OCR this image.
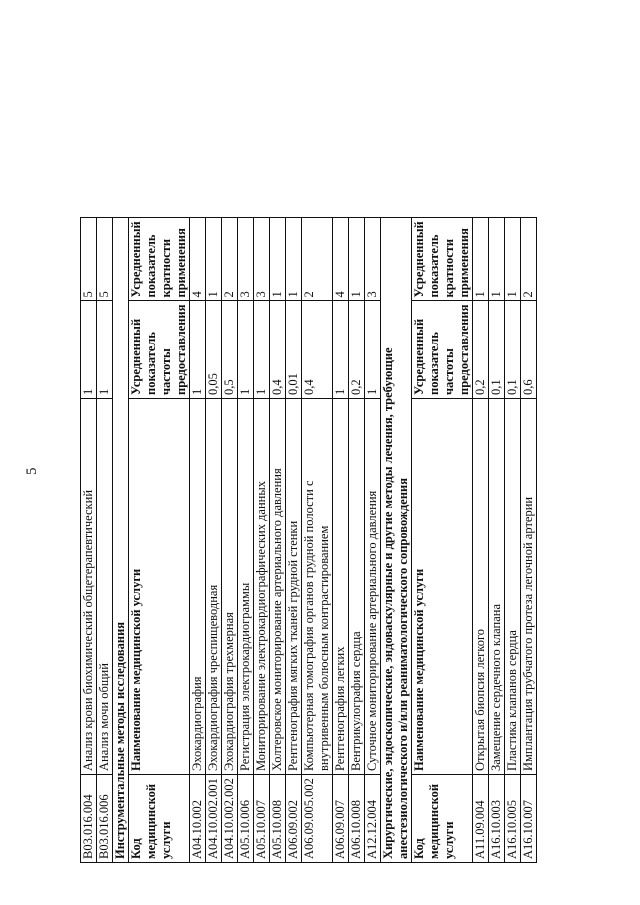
5
B03.016.004	Анализ крови биохимический общетерапевтический	1	5
B03.016.006	Анализ мочи общий	1	5
Инструментальные методы исследования			
Код медицинской услуги	Наименование медицинской услуги	Усредненный показатель частоты предоставления	Усредненный показатель кратности применения
A04.10.002	Эхокардиография	1	4
A04.10.002.001	Эхокардиография чреспищеводная	0,05	1
A04.10.002.002	Эхокардиография трехмерная	0,5	2
A05.10.006	Регистрация электрокардиограммы	1	3
A05.10.007	Мониторирование электрокардиографических данных	1	3
A05.10.008	Холтеровское мониторирование артериального давления	0,4	1
A06.09.002	Рентгенография мягких тканей грудной стенки	0,01	1
A06.09.005.002	Компьютерная томография органов грудной полости с внутривенным болюсным контрастированием	0,4	2
A06.09.007	Рентгенография легких	1	4
A06.10.008	Вентрикулография сердца	0,2	1
A12.12.004	Суточное мониторирование артериального давления	1	3
Хирургические, эндоскопические, эндоваскулярные и другие методы лечения, требующие анестезиологического и/или реаниматологического сопровождения			
Код медицинской услуги	Наименование медицинской услуги	Усредненный показатель частоты предоставления	Усредненный показатель кратности применения
A11.09.004	Открытая биопсия легкого	0,2	1
A16.10.003	Замещение сердечного клапана	0,1	1
A16.10.005	Пластика клапанов сердца	0,1	1
A16.10.007	Имплантация трубчатого протеза легочной артерии	0,6	2
